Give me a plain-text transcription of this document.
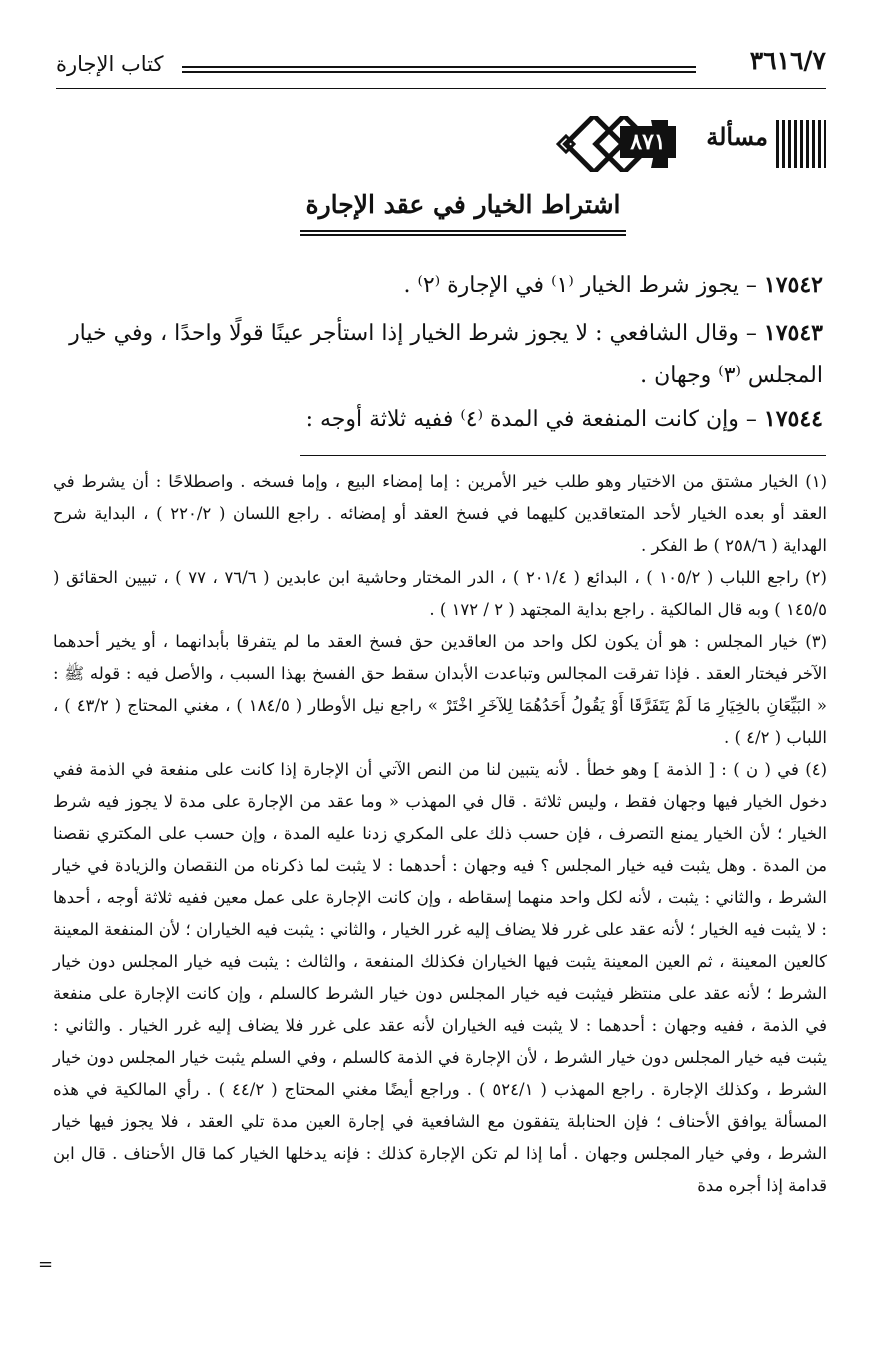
كتاب الإجارة	٣٦١٦/٧
مسألة
٨٧١
اشتراط الخيار في عقد الإجارة
١٧٥٤٢ – يجوز شرط الخيار ⁽١⁾ في الإجارة ⁽٢⁾ .
١٧٥٤٣ – وقال الشافعي : لا يجوز شرط الخيار إذا استأجر عينًا قولًا واحدًا ، وفي خيار المجلس ⁽٣⁾ وجهان .
١٧٥٤٤ – وإن كانت المنفعة في المدة ⁽٤⁾ ففيه ثلاثة أوجه :

(١) الخيار مشتق من الاختيار وهو طلب خير الأمرين : إما إمضاء البيع ، وإما فسخه . واصطلاحًا : أن يشرط في العقد أو بعده الخيار لأحد المتعاقدين كليهما في فسخ العقد أو إمضائه . راجع اللسان ( ٢٢٠/٢ ) ، البداية شرح الهداية ( ٢٥٨/٦ ) ط الفكر .

(٢) راجع اللباب ( ١٠٥/٢ ) ، البدائع ( ٢٠١/٤ ) ، الدر المختار وحاشية ابن عابدين ( ٧٦/٦ ، ٧٧ ) ، تبيين الحقائق ( ١٤٥/٥ ) وبه قال المالكية . راجع بداية المجتهد ( ٢ / ١٧٢ ) .

(٣) خيار المجلس : هو أن يكون لكل واحد من العاقدين حق فسخ العقد ما لم يتفرقا بأبدانهما ، أو يخير أحدهما الآخر فيختار العقد . فإذا تفرقت المجالس وتباعدت الأبدان سقط حق الفسخ بهذا السبب ، والأصل فيه : قوله ﷺ : « البَيِّعَانِ بالخِيَارِ مَا لَمْ يَتَفَرَّقَا أَوْ يَقُولُ أَحَدُهُمَا لِلآخَرِ اخْتَرْ » راجع نيل الأوطار ( ١٨٤/٥ ) ، مغني المحتاج ( ٤٣/٢ ) ، اللباب ( ٤/٢ ) .

(٤) في ( ن ) : [ الذمة ] وهو خطأ . لأنه يتبين لنا من النص الآتي أن الإجارة إذا كانت على منفعة في الذمة ففي دخول الخيار فيها وجهان فقط ، وليس ثلاثة . قال في المهذب « وما عقد من الإجارة على مدة لا يجوز فيه شرط الخيار ؛ لأن الخيار يمنع التصرف ، فإن حسب ذلك على المكري زدنا عليه المدة ، وإن حسب على المكتري نقصنا من المدة . وهل يثبت فيه خيار المجلس ؟ فيه وجهان : أحدهما : لا يثبت لما ذكرناه من النقصان والزيادة في خيار الشرط ، والثاني : يثبت ، لأنه لكل واحد منهما إسقاطه ، وإن كانت الإجارة على عمل معين ففيه ثلاثة أوجه ، أحدها : لا يثبت فيه الخيار ؛ لأنه عقد على غرر فلا يضاف إليه غرر الخيار ، والثاني : يثبت فيه الخياران ؛ لأن المنفعة المعينة كالعين المعينة ، ثم العين المعينة يثبت فيها الخياران فكذلك المنفعة ، والثالث : يثبت فيه خيار المجلس دون خيار الشرط ؛ لأنه عقد على منتظر فيثبت فيه خيار المجلس دون خيار الشرط كالسلم ، وإن كانت الإجارة على منفعة في الذمة ، ففيه وجهان : أحدهما : لا يثبت فيه الخياران لأنه عقد على غرر فلا يضاف إليه غرر الخيار . والثاني : يثبت فيه خيار المجلس دون خيار الشرط ، لأن الإجارة في الذمة كالسلم ، وفي السلم يثبت خيار المجلس دون خيار الشرط ، وكذلك الإجارة . راجع المهذب ( ٥٢٤/١ ) . وراجع أيضًا مغني المحتاج ( ٤٤/٢ ) . رأي المالكية في هذه المسألة يوافق الأحناف ؛ فإن الحنابلة يتفقون مع الشافعية في إجارة العين مدة تلي العقد ، فلا يجوز فيها خيار الشرط ، وفي خيار المجلس وجهان . أما إذا لم تكن الإجارة كذلك : فإنه يدخلها الخيار كما قال الأحناف . قال ابن قدامة إذا أجره مدة

=
